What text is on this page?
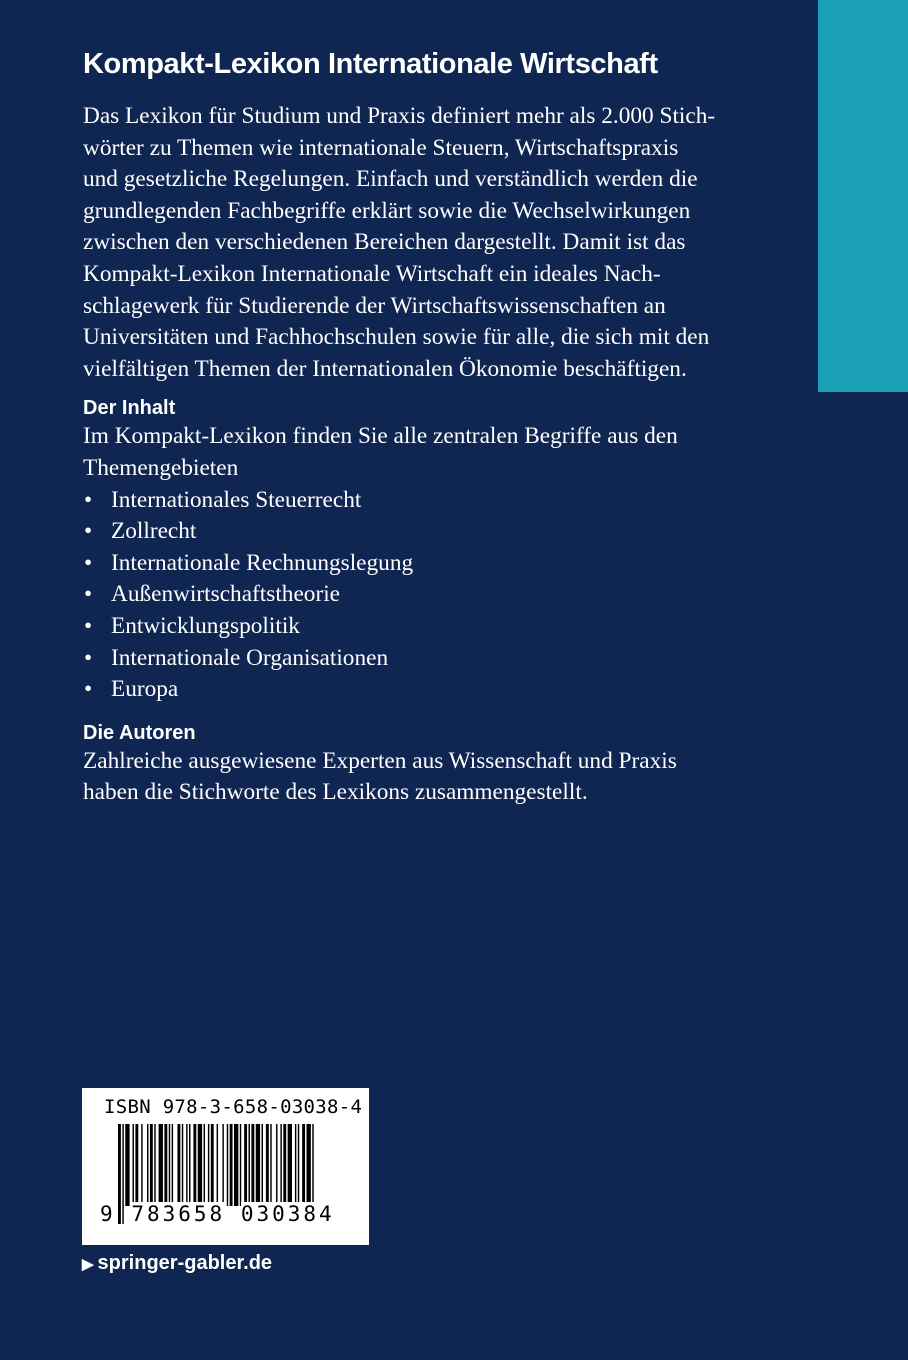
Kompakt-Lexikon Internationale Wirtschaft

Das Lexikon für Studium und Praxis definiert mehr als 2.000 Stich-
wörter zu Themen wie internationale Steuern, Wirtschaftspraxis
und gesetzliche Regelungen. Einfach und verständlich werden die
grundlegenden Fachbegriffe erklärt sowie die Wechselwirkungen
zwischen den verschiedenen Bereichen dargestellt. Damit ist das
Kompakt-Lexikon Internationale Wirtschaft ein ideales Nach-
schlagewerk für Studierende der Wirtschaftswissenschaften an
Universitäten und Fachhochschulen sowie für alle, die sich mit den
vielfältigen Themen der Internationalen Ökonomie beschäftigen.

Der Inhalt

Im Kompakt-Lexikon finden Sie alle zentralen Begriffe aus den
Themengebieten

• Internationales Steuerrecht
• Zollrecht
• Internationale Rechnungslegung
• Außenwirtschaftstheorie
• Entwicklungspolitik
• Internationale Organisationen
• Europa
Die Autoren

Zahlreiche ausgewiesene Experten aus Wissenschaft und Praxis
haben die Stichworte des Lexikons zusammengestellt.

ISBN 978-3-658-03038-4
9 783658 030384
▶ springer-gabler.de
